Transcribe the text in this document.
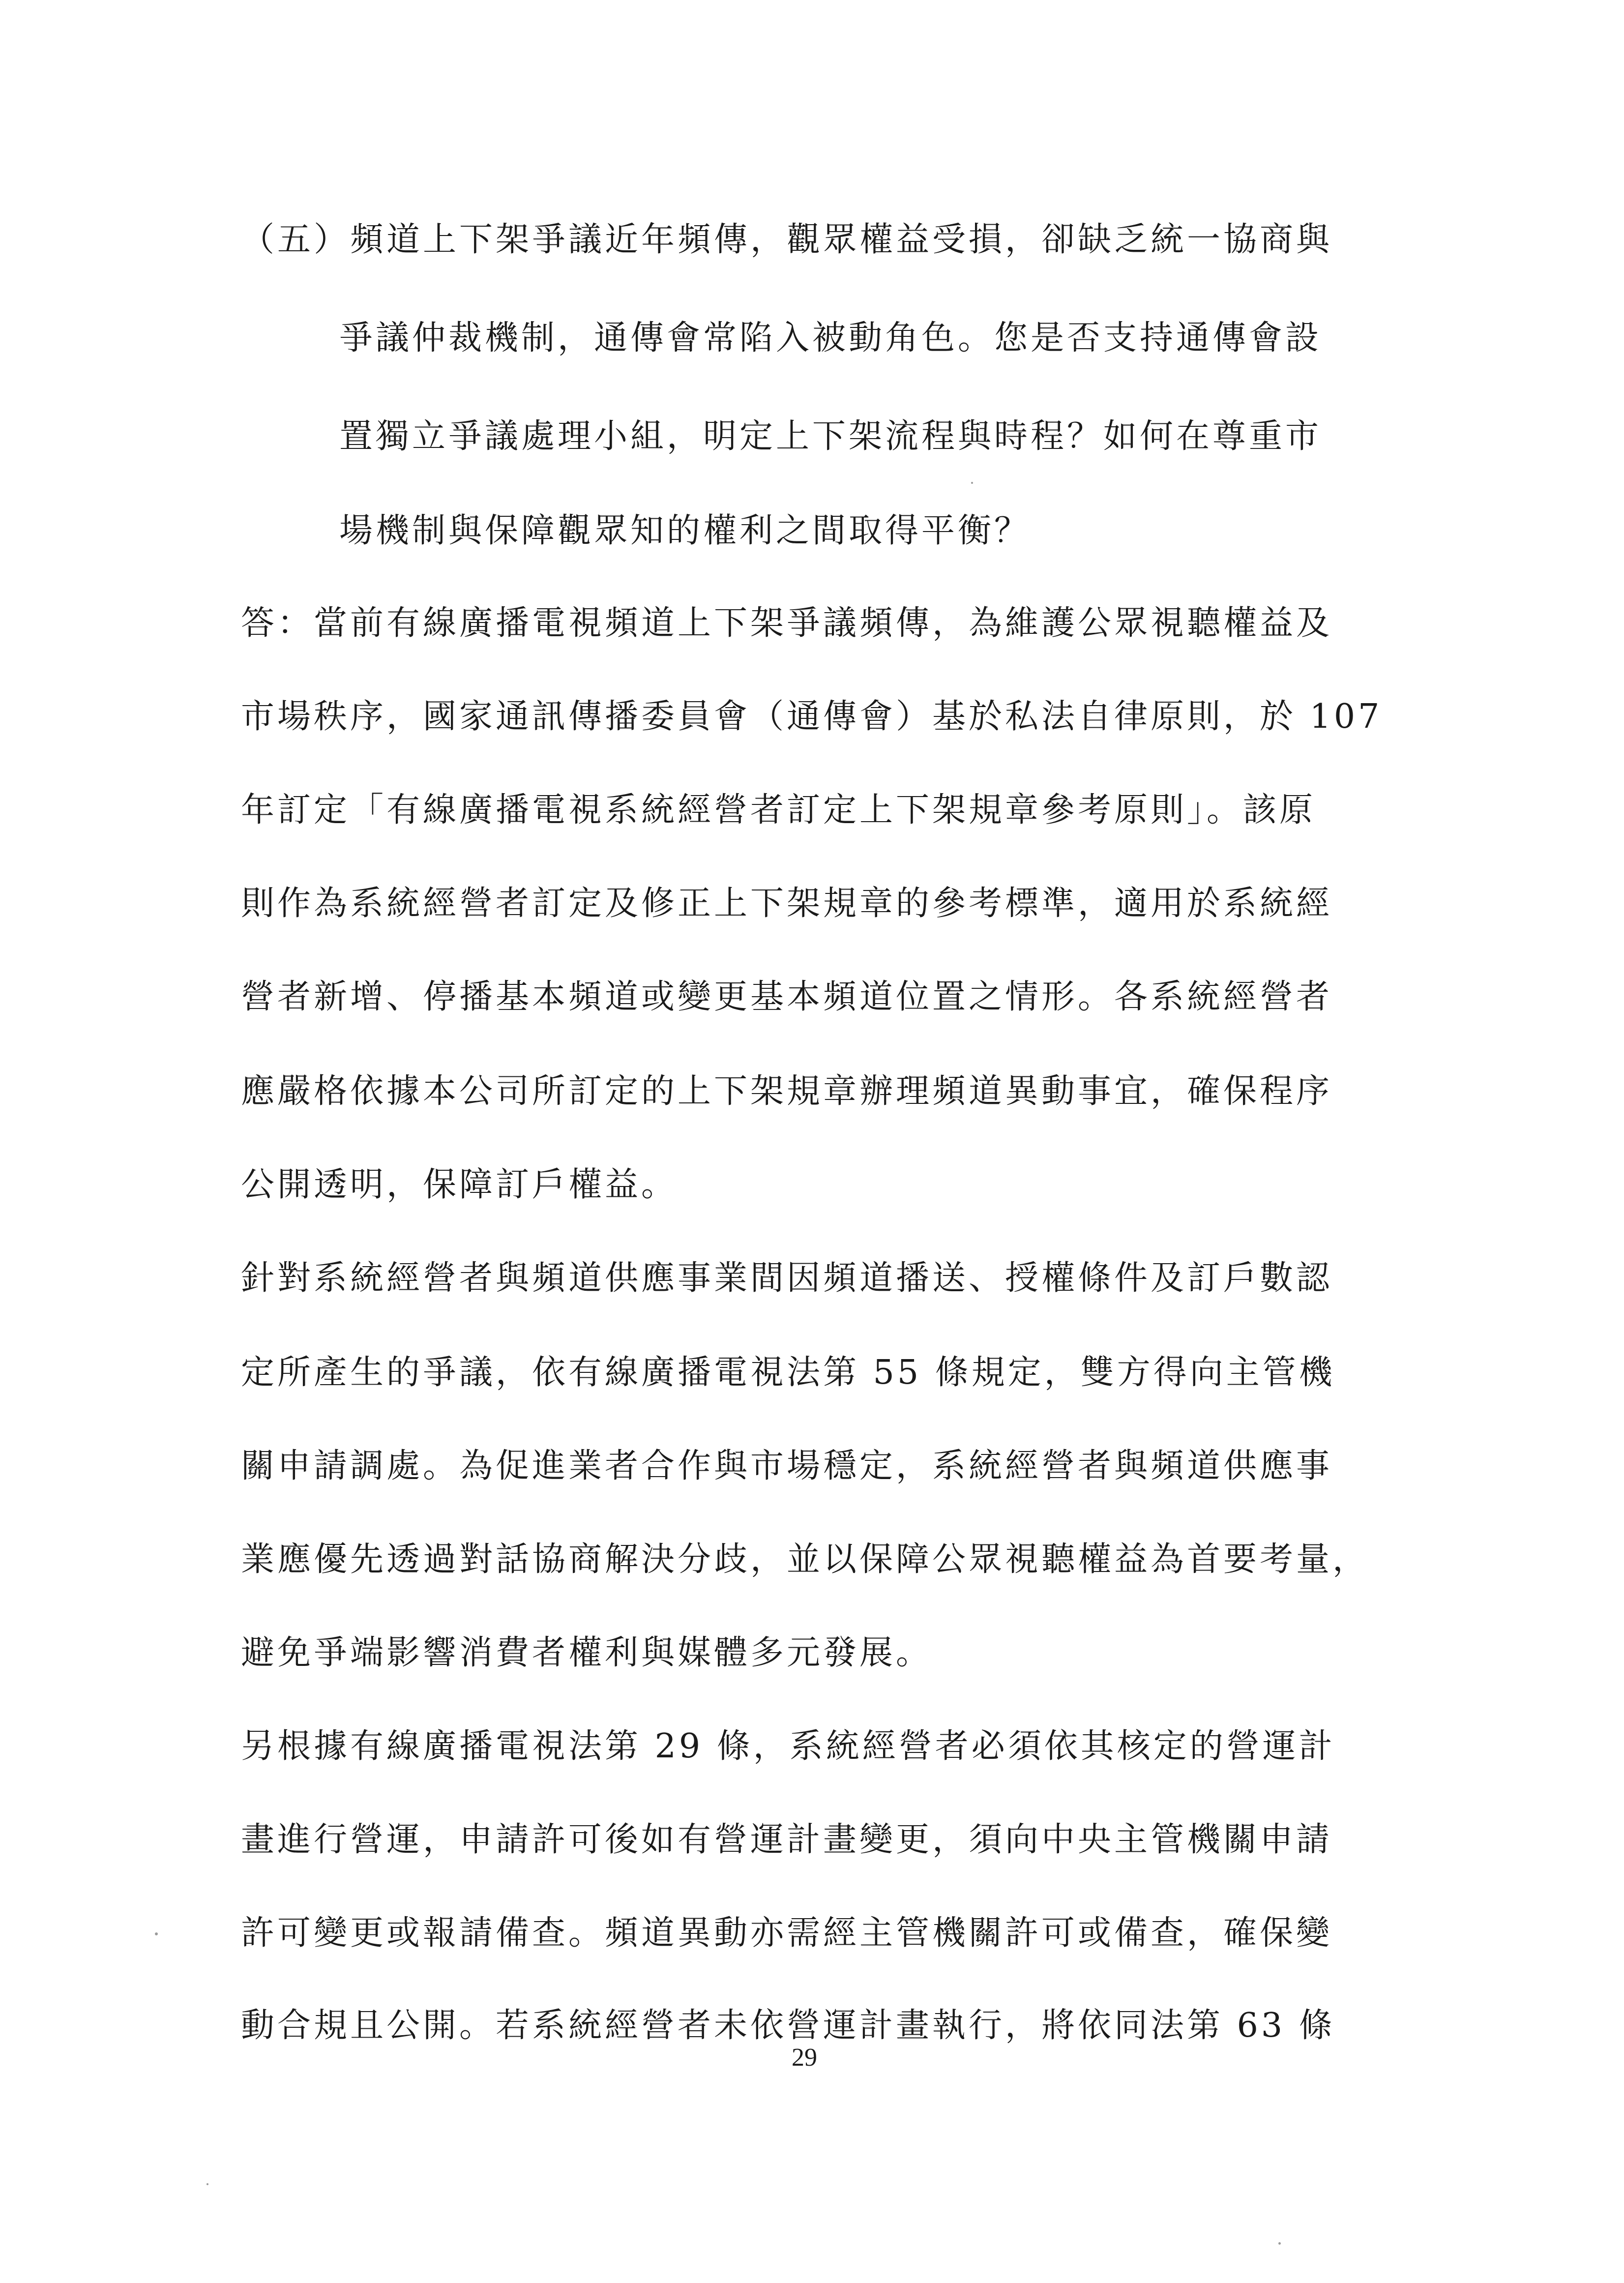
（五）頻道上下架爭議近年頻傳，觀眾權益受損，卻缺乏統一協商與
爭議仲裁機制，通傳會常陷入被動角色。您是否支持通傳會設
置獨立爭議處理小組，明定上下架流程與時程？如何在尊重市
場機制與保障觀眾知的權利之間取得平衡？
答：當前有線廣播電視頻道上下架爭議頻傳，為維護公眾視聽權益及
市場秩序，國家通訊傳播委員會（通傳會）基於私法自律原則，於 107
年訂定「有線廣播電視系統經營者訂定上下架規章參考原則」。該原
則作為系統經營者訂定及修正上下架規章的參考標準，適用於系統經
營者新增、停播基本頻道或變更基本頻道位置之情形。各系統經營者
應嚴格依據本公司所訂定的上下架規章辦理頻道異動事宜，確保程序
公開透明，保障訂戶權益。
針對系統經營者與頻道供應事業間因頻道播送、授權條件及訂戶數認
定所產生的爭議，依有線廣播電視法第 55 條規定，雙方得向主管機
關申請調處。為促進業者合作與市場穩定，系統經營者與頻道供應事
業應優先透過對話協商解決分歧，並以保障公眾視聽權益為首要考量，
避免爭端影響消費者權利與媒體多元發展。
另根據有線廣播電視法第 29 條，系統經營者必須依其核定的營運計
畫進行營運，申請許可後如有營運計畫變更，須向中央主管機關申請
許可變更或報請備查。頻道異動亦需經主管機關許可或備查，確保變
動合規且公開。若系統經營者未依營運計畫執行，將依同法第 63 條
29
